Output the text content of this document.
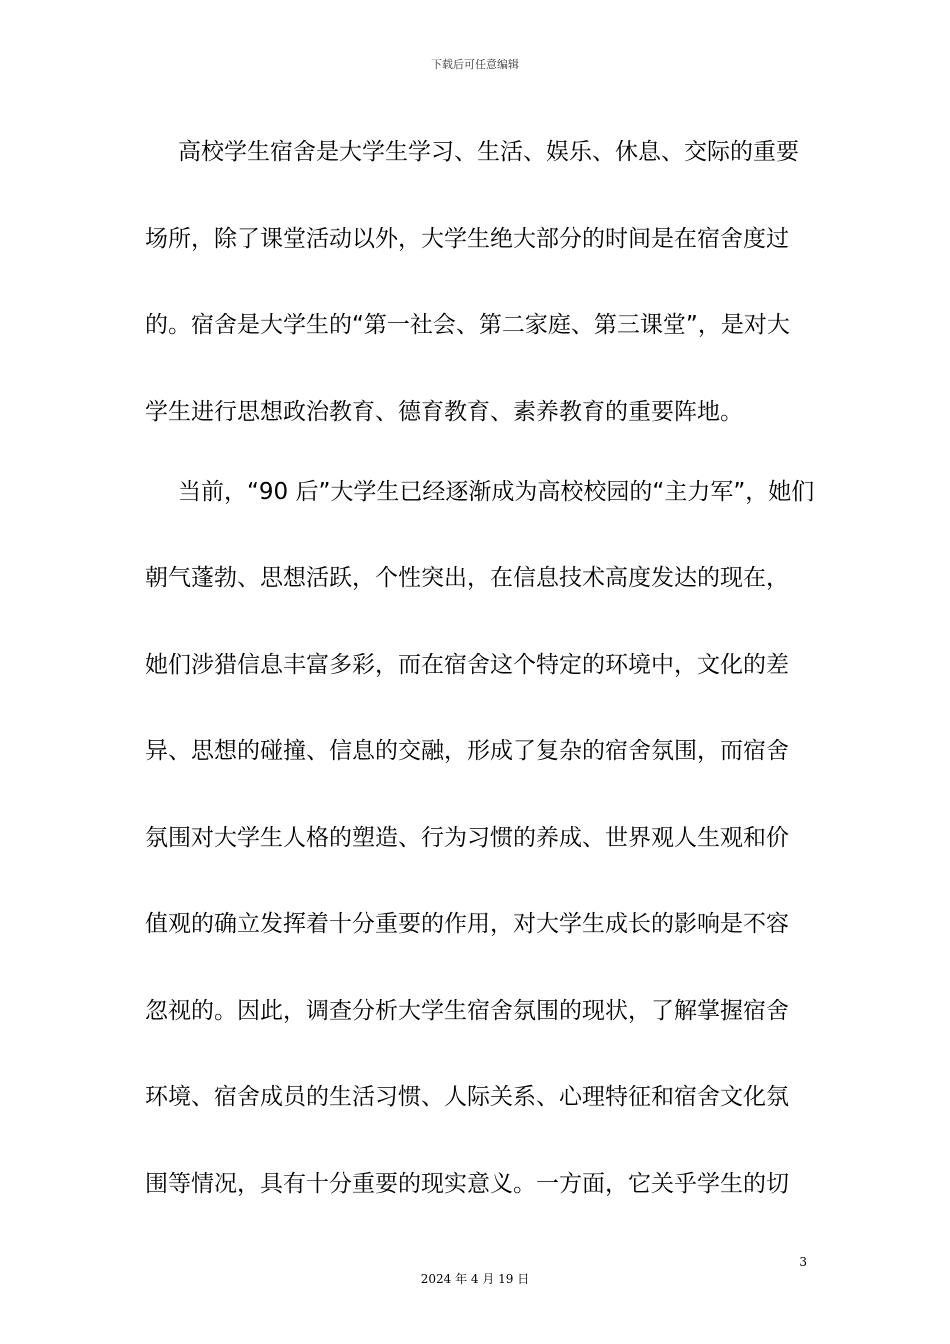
下载后可任意编辑
高校学生宿舍是大学生学习、生活、娱乐、休息、交际的重要
场所，除了课堂活动以外，大学生绝大部分的时间是在宿舍度过
的。宿舍是大学生的“第一社会、第二家庭、第三课堂”，是对大
学生进行思想政治教育、德育教育、素养教育的重要阵地。
当前，“90 后”大学生已经逐渐成为高校校园的“主力军”，她们
朝气蓬勃、思想活跃，个性突出，在信息技术高度发达的现在，
她们涉猎信息丰富多彩，而在宿舍这个特定的环境中，文化的差
异、思想的碰撞、信息的交融，形成了复杂的宿舍氛围，而宿舍
氛围对大学生人格的塑造、行为习惯的养成、世界观人生观和价
值观的确立发挥着十分重要的作用，对大学生成长的影响是不容
忽视的。因此，调查分析大学生宿舍氛围的现状，了解掌握宿舍
环境、宿舍成员的生活习惯、人际关系、心理特征和宿舍文化氛
围等情况，具有十分重要的现实意义。一方面，它关乎学生的切
3
2024 年 4 月 19 日
